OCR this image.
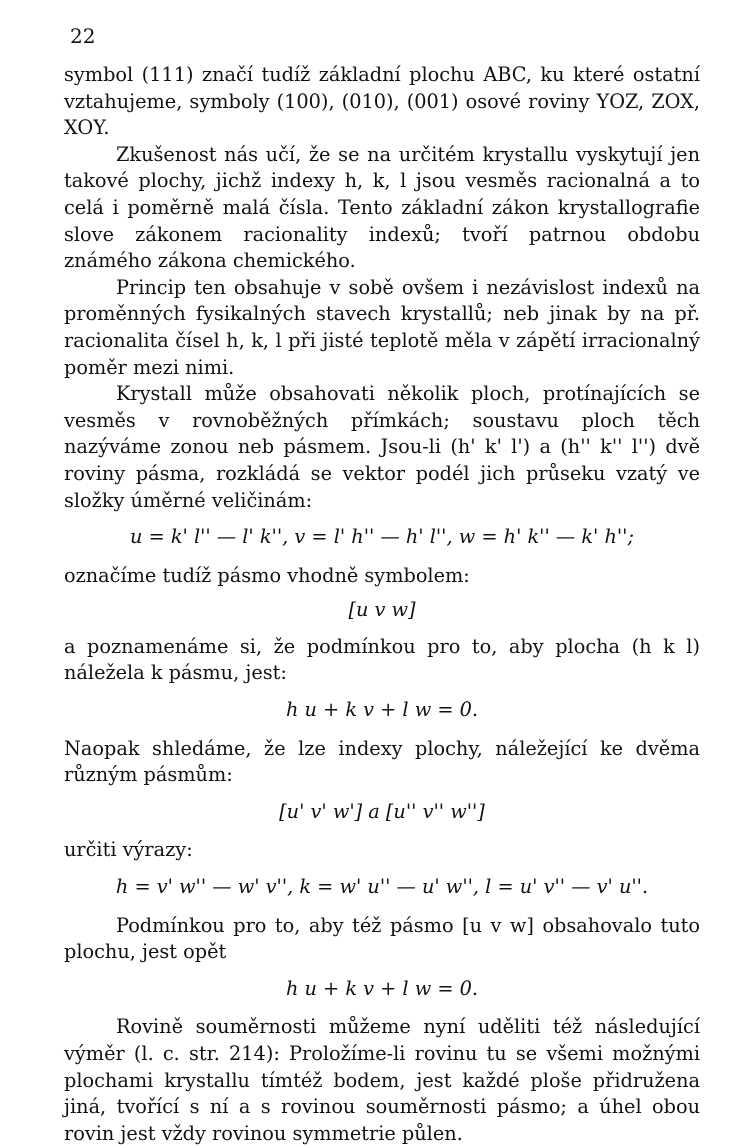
22

symbol (111) značí tudíž základní plochu ABC, ku které ostatní vztahujeme, symboly (100), (010), (001) osové roviny YOZ, ZOX, XOY.

Zkušenost nás učí, že se na určitém krystallu vyskytují jen takové plochy, jichž indexy h, k, l jsou vesměs racionalná a to celá i poměrně malá čísla. Tento základní zákon krystallografie slove zákonem racionality indexů; tvoří patrnou obdobu známého zákona chemického.

Princip ten obsahuje v sobě ovšem i nezávislost indexů na proměnných fysikalných stavech krystallů; neb jinak by na př. racionalita čísel h, k, l při jisté teplotě měla v zápětí irracionalný poměr mezi nimi.

Krystall může obsahovati několik ploch, protínajících se vesměs v rovnoběžných přímkách; soustavu ploch těch nazýváme zonou neb pásmem. Jsou-li (h' k' l') a (h'' k'' l'') dvě roviny pásma, rozkládá se vektor podél jich průseku vzatý ve složky úměrné veličinám:

u = k' l'' — l' k'', v = l' h'' — h' l'', w = h' k'' — k' h'';

označíme tudíž pásmo vhodně symbolem:

[u v w]

a poznamenáme si, že podmínkou pro to, aby plocha (h k l) náležela k pásmu, jest:

h u + k v + l w = 0.

Naopak shledáme, že lze indexy plochy, náležející ke dvěma různým pásmům:

[u' v' w'] a [u'' v'' w'']

určiti výrazy:

h = v' w'' — w' v'', k = w' u'' — u' w'', l = u' v'' — v' u''.

Podmínkou pro to, aby též pásmo [u v w] obsahovalo tuto plochu, jest opět

h u + k v + l w = 0.

Rovině souměrnosti můžeme nyní uděliti též následující výměr (l. c. str. 214): Proložíme-li rovinu tu se všemi možnými plochami krystallu tímtéž bodem, jest každé ploše přidružena jiná, tvořící s ní a s rovinou souměrnosti pásmo; a úhel obou rovin jest vždy rovinou symmetrie půlen.
